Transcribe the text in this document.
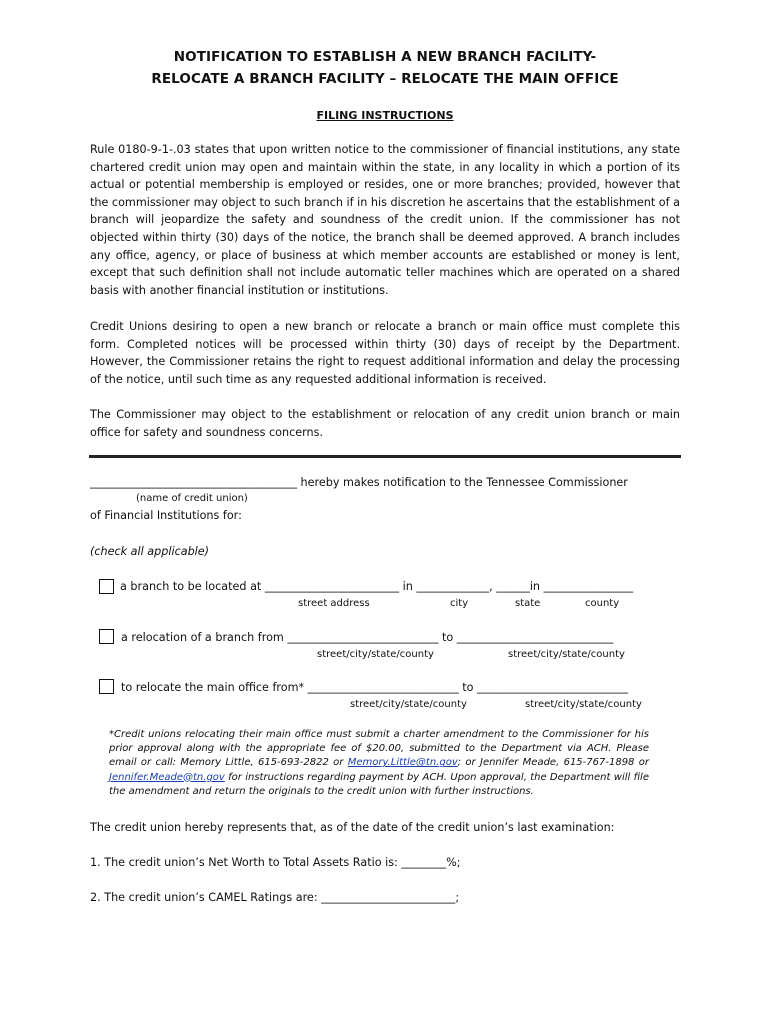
NOTIFICATION TO ESTABLISH A NEW BRANCH FACILITY-
RELOCATE A BRANCH FACILITY – RELOCATE THE MAIN OFFICE
FILING INSTRUCTIONS
Rule 0180-9-1-.03 states that upon written notice to the commissioner of financial institutions, any state chartered credit union may open and maintain within the state, in any locality in which a portion of its actual or potential membership is employed or resides, one or more branches; provided, however that the commissioner may object to such branch if in his discretion he ascertains that the establishment of a branch will jeopardize the safety and soundness of the credit union. If the commissioner has not objected within thirty (30) days of the notice, the branch shall be deemed approved. A branch includes any office, agency, or place of business at which member accounts are established or money is lent, except that such definition shall not include automatic teller machines which are operated on a shared basis with another financial institution or institutions.
Credit Unions desiring to open a new branch or relocate a branch or main office must complete this form. Completed notices will be processed within thirty (30) days of receipt by the Department. However, the Commissioner retains the right to request additional information and delay the processing of the notice, until such time as any requested additional information is received.
The Commissioner may object to the establishment or relocation of any credit union branch or main office for safety and soundness concerns.
_____________________________________ hereby makes notification to the Tennessee Commissioner
(name of credit union)
of Financial Institutions for:
(check all applicable)
a branch to be located at ________________________ in _____________, ______in ________________
street address	city	state	county
a relocation of a branch from ___________________________ to ____________________________
street/city/state/county	street/city/state/county
to relocate the main office from* ___________________________ to ___________________________
street/city/state/county	street/city/state/county
*Credit unions relocating their main office must submit a charter amendment to the Commissioner for his prior approval along with the appropriate fee of $20.00, submitted to the Department via ACH. Please email or call: Memory Little, 615-693-2822 or Memory.Little@tn.gov; or Jennifer Meade, 615-767-1898 or Jennifer.Meade@tn.gov for instructions regarding payment by ACH. Upon approval, the Department will file the amendment and return the originals to the credit union with further instructions.
The credit union hereby represents that, as of the date of the credit union’s last examination:
1. The credit union’s Net Worth to Total Assets Ratio is: ________%;
2. The credit union’s CAMEL Ratings are: ________________________;
